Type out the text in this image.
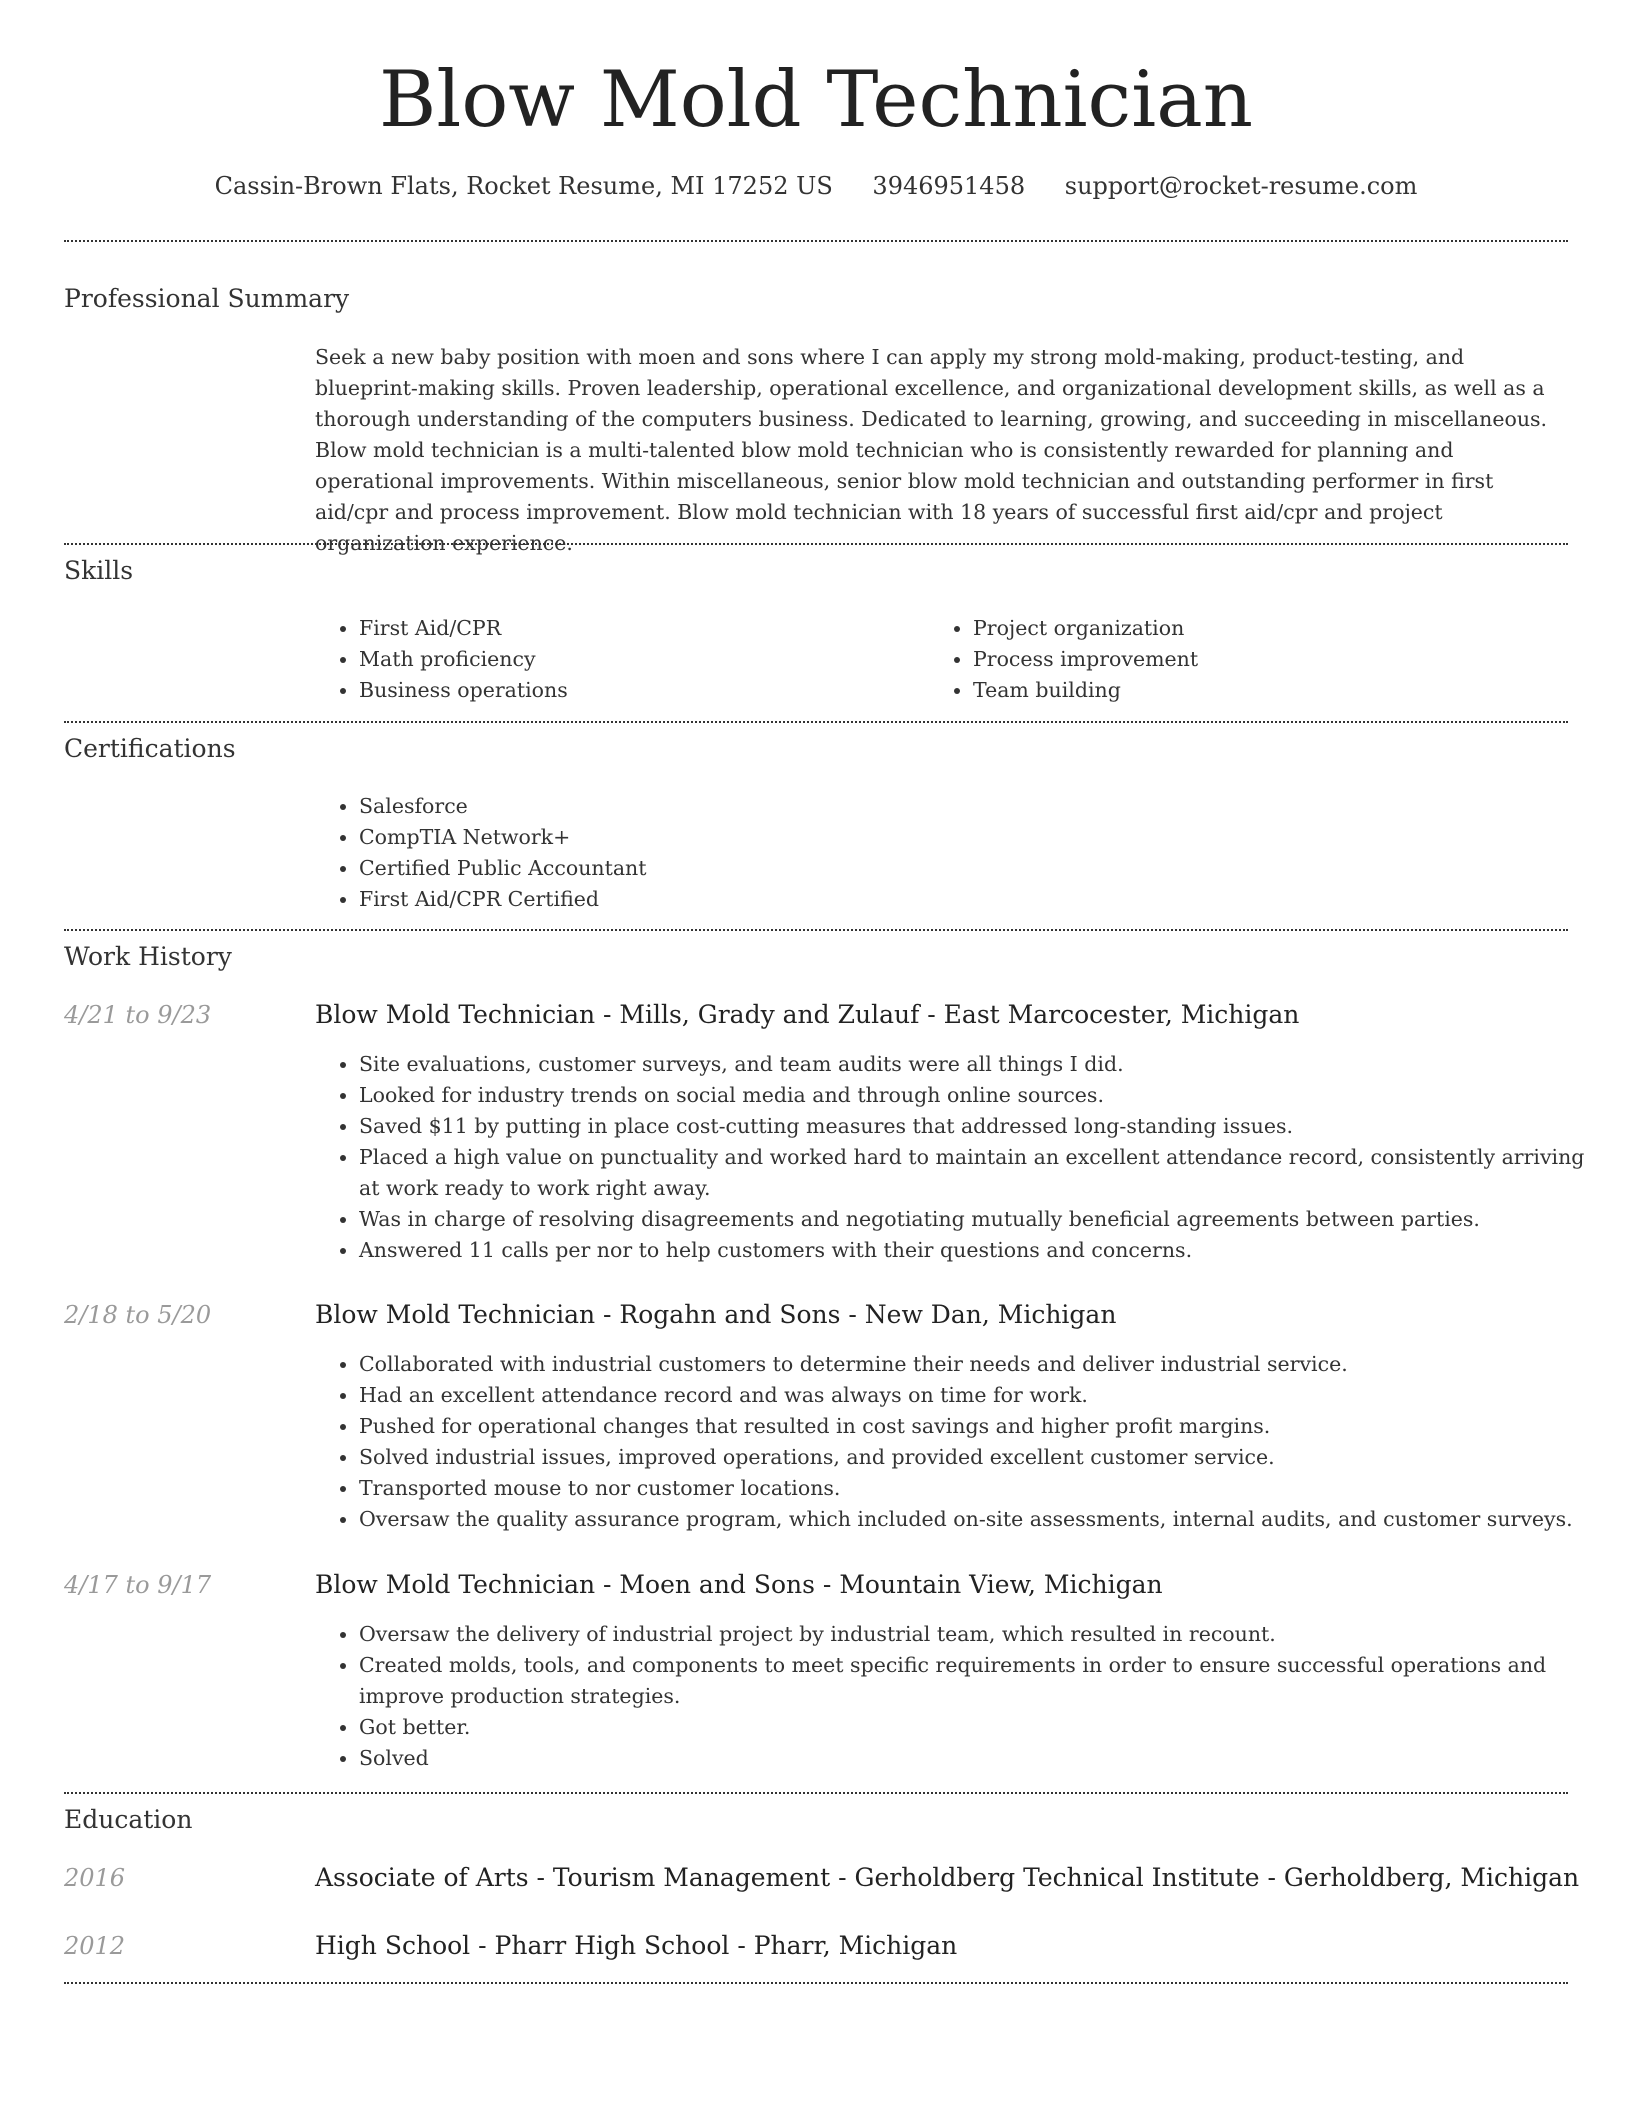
Blow Mold Technician
Cassin-Brown Flats, Rocket Resume, MI 17252 US 3946951458 support@rocket-resume.com
Professional Summary
Seek a new baby position with moen and sons where I can apply my strong mold-making, product-testing, and blueprint-making skills. Proven leadership, operational excellence, and organizational development skills, as well as a thorough understanding of the computers business. Dedicated to learning, growing, and succeeding in miscellaneous. Blow mold technician is a multi-talented blow mold technician who is consistently rewarded for planning and operational improvements. Within miscellaneous, senior blow mold technician and outstanding performer in first aid/cpr and process improvement. Blow mold technician with 18 years of successful first aid/cpr and project organization experience.
Skills
• First Aid/CPR
• Math proficiency
• Business operations
• Project organization
• Process improvement
• Team building
Certifications
• Salesforce
• CompTIA Network+
• Certified Public Accountant
• First Aid/CPR Certified
Work History
4/21 to 9/23	Blow Mold Technician - Mills, Grady and Zulauf - East Marcocester, Michigan
• Site evaluations, customer surveys, and team audits were all things I did.
• Looked for industry trends on social media and through online sources.
• Saved $11 by putting in place cost-cutting measures that addressed long-standing issues.
• Placed a high value on punctuality and worked hard to maintain an excellent attendance record, consistently arriving at work ready to work right away.
• Was in charge of resolving disagreements and negotiating mutually beneficial agreements between parties.
• Answered 11 calls per nor to help customers with their questions and concerns.
2/18 to 5/20	Blow Mold Technician - Rogahn and Sons - New Dan, Michigan
• Collaborated with industrial customers to determine their needs and deliver industrial service.
• Had an excellent attendance record and was always on time for work.
• Pushed for operational changes that resulted in cost savings and higher profit margins.
• Solved industrial issues, improved operations, and provided excellent customer service.
• Transported mouse to nor customer locations.
• Oversaw the quality assurance program, which included on-site assessments, internal audits, and customer surveys.
4/17 to 9/17	Blow Mold Technician - Moen and Sons - Mountain View, Michigan
• Oversaw the delivery of industrial project by industrial team, which resulted in recount.
• Created molds, tools, and components to meet specific requirements in order to ensure successful operations and improve production strategies.
• Got better.
• Solved
Education
2016	Associate of Arts - Tourism Management - Gerholdberg Technical Institute - Gerholdberg, Michigan
2012	High School - Pharr High School - Pharr, Michigan
